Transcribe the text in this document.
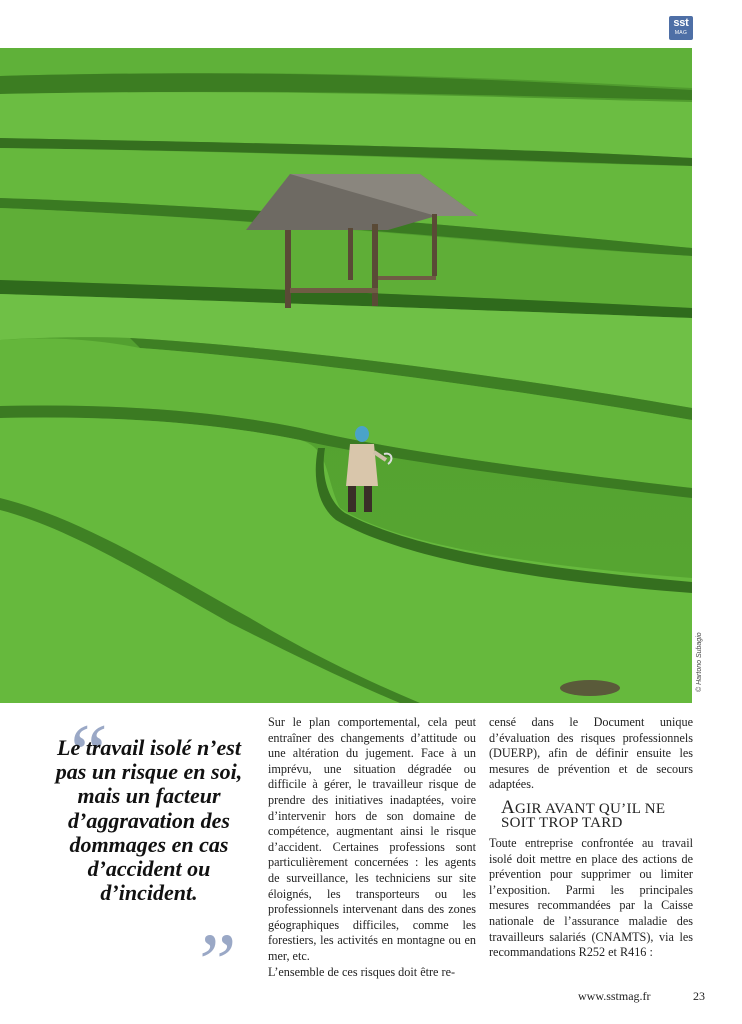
sst
MAG
© Hartono Subagio
“

Le travail isolé n’est pas un risque en soi, mais un facteur d’aggravation des dommages en cas d’accident ou d’incident.

”

Sur le plan comportemental, cela peut entraîner des changements d’attitude ou une altération du jugement. Face à un imprévu, une situation dégradée ou difficile à gérer, le travailleur risque de prendre des initiatives inadaptées, voire d’intervenir hors de son domaine de compétence, augmentant ainsi le risque d’accident. Certaines professions sont particulièrement concernées : les agents de surveillance, les techniciens sur site éloignés, les transporteurs ou les professionnels intervenant dans des zones géographiques difficiles, comme les forestiers, les activités en montagne ou en mer, etc.

L’ensemble de ces risques doit être re-

censé dans le Document unique d’évaluation des risques professionnels (DUERP), afin de définir ensuite les mesures de prévention et de secours adaptées.

AGIR AVANT QU’IL NE SOIT TROP TARD

Toute entreprise confrontée au travail isolé doit mettre en place des actions de prévention pour supprimer ou limiter l’exposition. Parmi les principales mesures recommandées par la Caisse nationale de l’assurance maladie des travailleurs salariés (CNAMTS), via les recommandations R252 et R416 :

www.sstmag.fr	23
